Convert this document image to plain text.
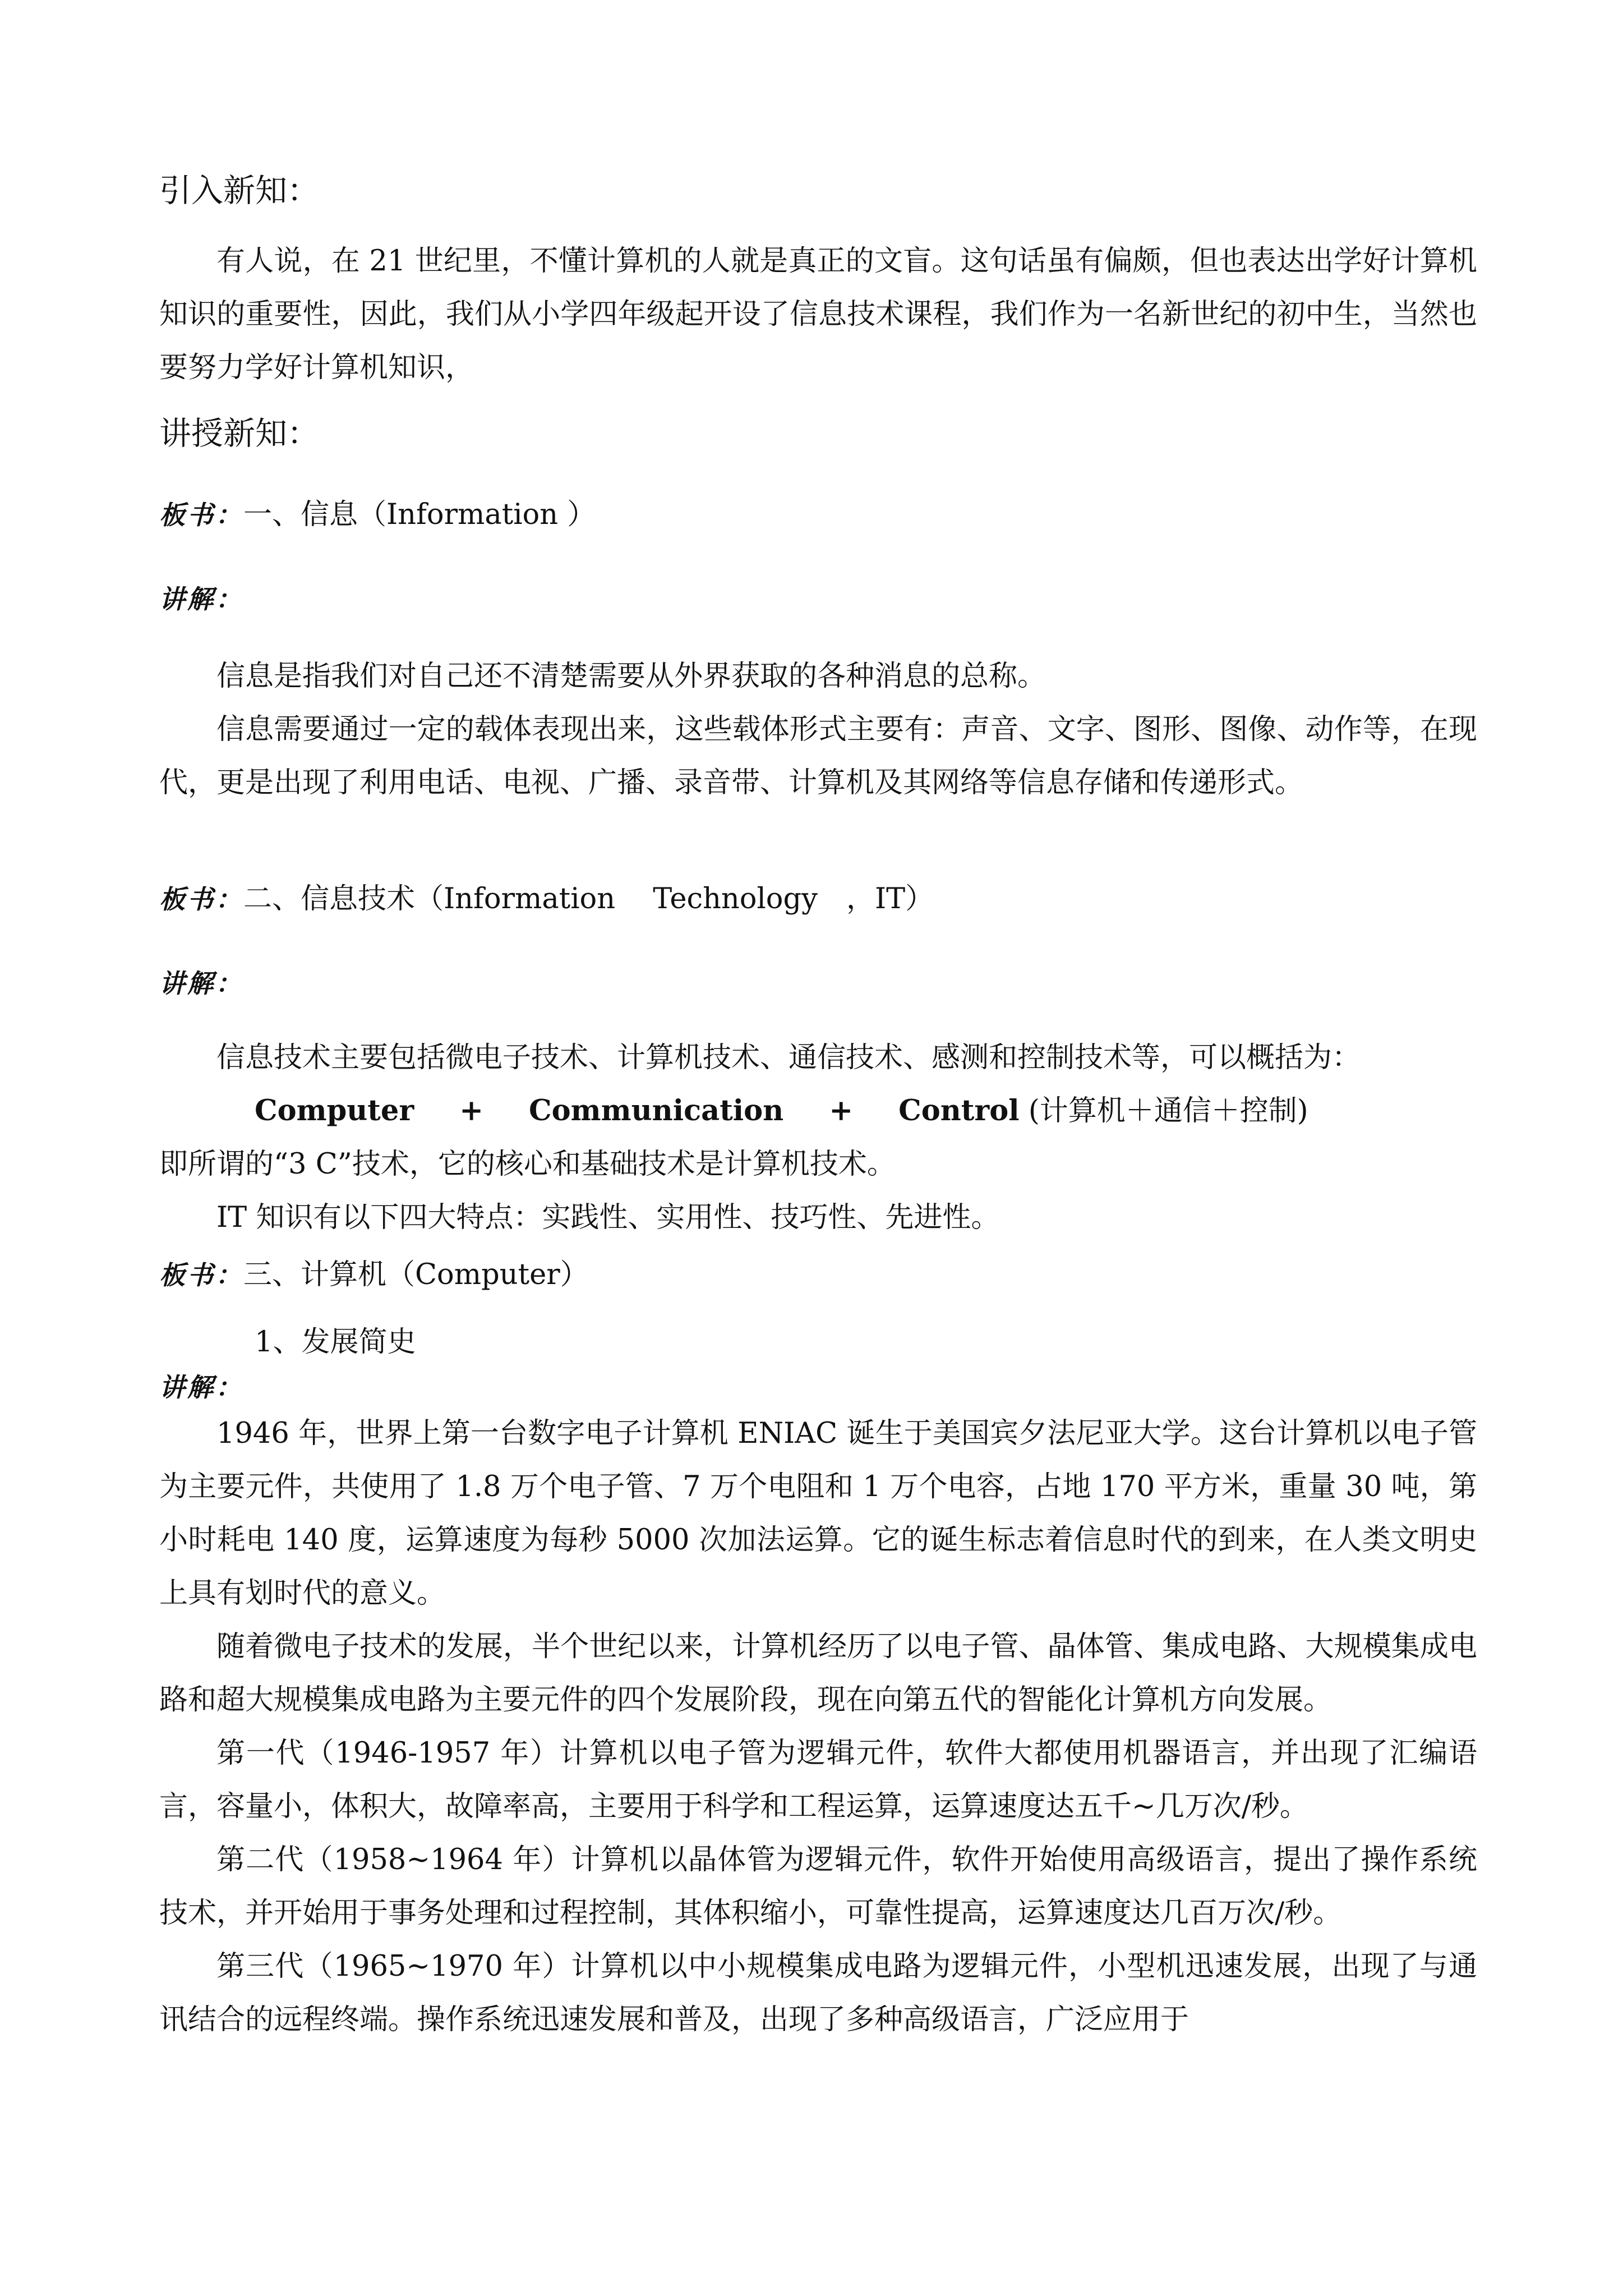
引入新知：

有人说，在 21 世纪里，不懂计算机的人就是真正的文盲。这句话虽有偏颇，但也表达出学好计算机知识的重要性，因此，我们从小学四年级起开设了信息技术课程，我们作为一名新世纪的初中生，当然也要努力学好计算机知识，

讲授新知：

板书：一、信息（Information ）

讲解：

信息是指我们对自己还不清楚需要从外界获取的各种消息的总称。

信息需要通过一定的载体表现出来，这些载体形式主要有：声音、文字、图形、图像、动作等，在现代，更是出现了利用电话、电视、广播、录音带、计算机及其网络等信息存储和传递形式。

板书：二、信息技术（Information　 Technology　，IT）

讲解：

信息技术主要包括微电子技术、计算机技术、通信技术、感测和控制技术等，可以概括为：

Computer + Communication + Control (计算机＋通信＋控制)

即所谓的“3 C”技术，它的核心和基础技术是计算机技术。

IT 知识有以下四大特点：实践性、实用性、技巧性、先进性。

板书：三、计算机（Computer）

1、发展简史

讲解：

1946 年，世界上第一台数字电子计算机 ENIAC 诞生于美国宾夕法尼亚大学。这台计算机以电子管为主要元件，共使用了 1.8 万个电子管、7 万个电阻和 1 万个电容，占地 170 平方米，重量 30 吨，第小时耗电 140 度，运算速度为每秒 5000 次加法运算。它的诞生标志着信息时代的到来，在人类文明史上具有划时代的意义。

随着微电子技术的发展，半个世纪以来，计算机经历了以电子管、晶体管、集成电路、大规模集成电路和超大规模集成电路为主要元件的四个发展阶段，现在向第五代的智能化计算机方向发展。

第一代（1946-1957 年）计算机以电子管为逻辑元件，软件大都使用机器语言，并出现了汇编语言，容量小，体积大，故障率高，主要用于科学和工程运算，运算速度达五千~几万次/秒。

第二代（1958~1964 年）计算机以晶体管为逻辑元件，软件开始使用高级语言，提出了操作系统技术，并开始用于事务处理和过程控制，其体积缩小，可靠性提高，运算速度达几百万次/秒。

第三代（1965~1970 年）计算机以中小规模集成电路为逻辑元件，小型机迅速发展，出现了与通讯结合的远程终端。操作系统迅速发展和普及，出现了多种高级语言，广泛应用于
